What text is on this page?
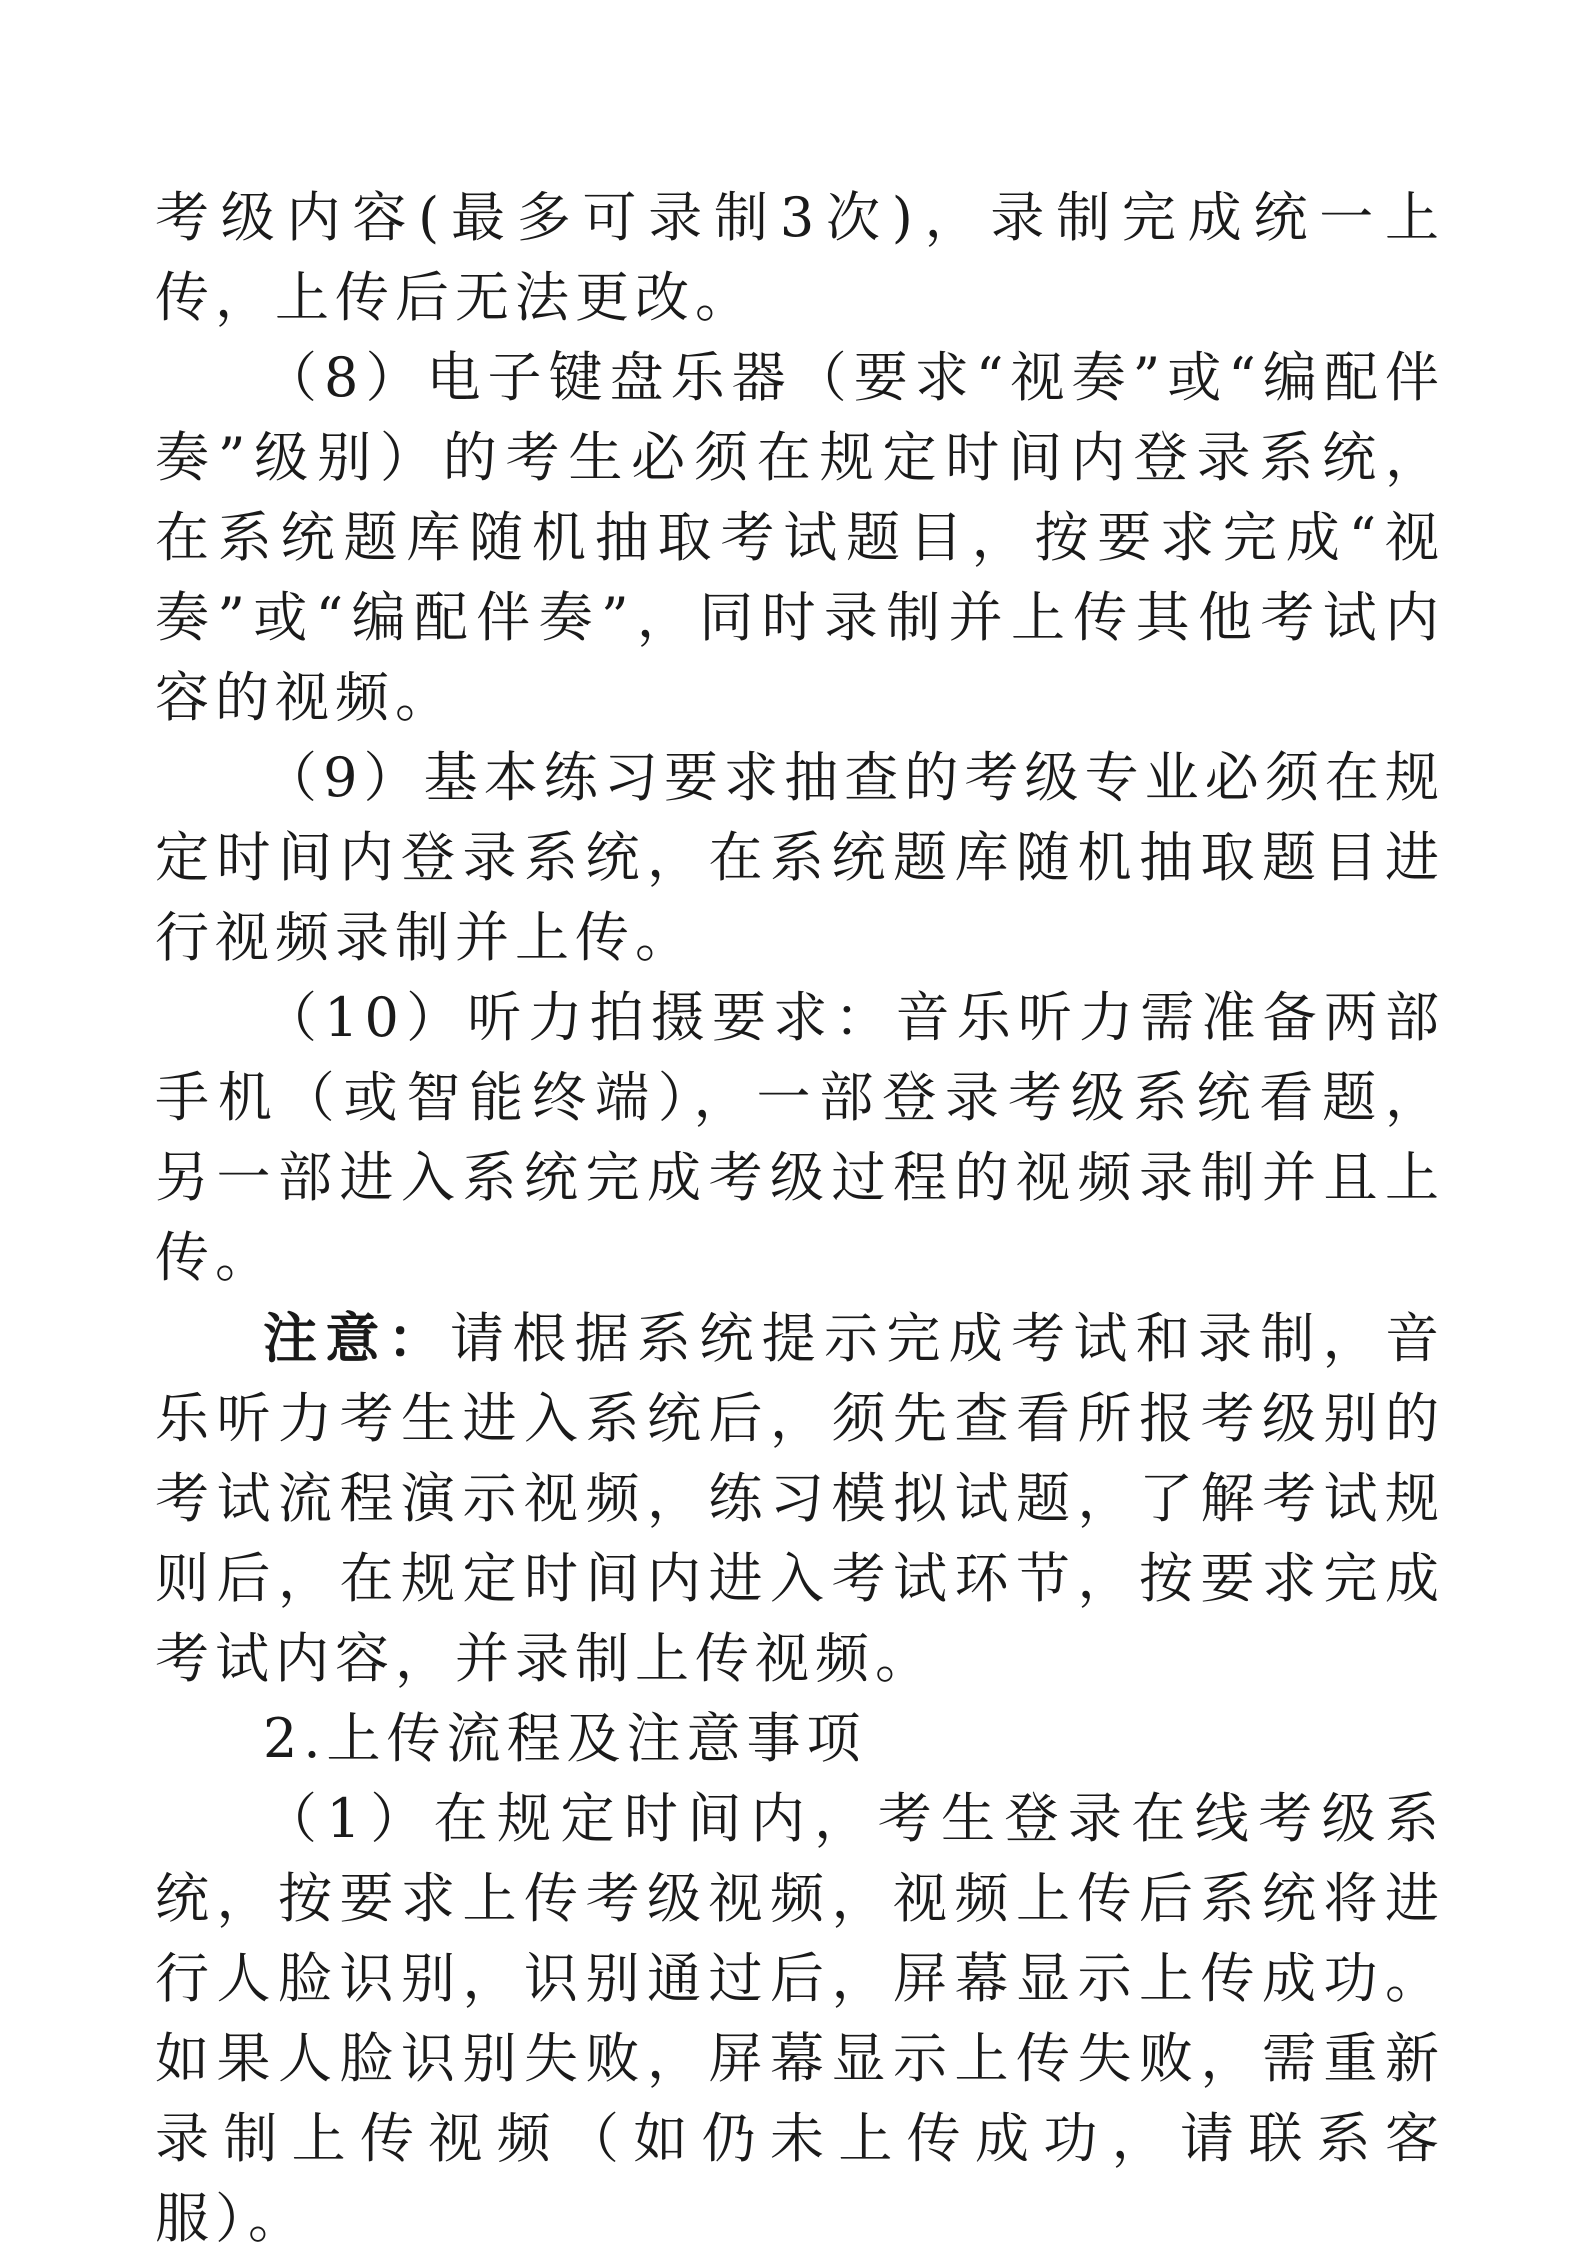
考级内容(最多可录制3次)，录制完成统一上传，上传后无法更改。

（8）电子键盘乐器（要求“视奏”或“编配伴奏”级别）的考生必须在规定时间内登录系统，在系统题库随机抽取考试题目，按要求完成“视奏”或“编配伴奏”，同时录制并上传其他考试内容的视频。

（9）基本练习要求抽查的考级专业必须在规定时间内登录系统，在系统题库随机抽取题目进行视频录制并上传。

（10）听力拍摄要求：音乐听力需准备两部手机（或智能终端），一部登录考级系统看题，另一部进入系统完成考级过程的视频录制并且上传。

注意：请根据系统提示完成考试和录制，音乐听力考生进入系统后，须先查看所报考级别的考试流程演示视频，练习模拟试题，了解考试规则后，在规定时间内进入考试环节，按要求完成考试内容，并录制上传视频。

2.上传流程及注意事项

（1）在规定时间内，考生登录在线考级系统，按要求上传考级视频，视频上传后系统将进行人脸识别，识别通过后，屏幕显示上传成功。如果人脸识别失败，屏幕显示上传失败，需重新录制上传视频（如仍未上传成功，请联系客服）。
